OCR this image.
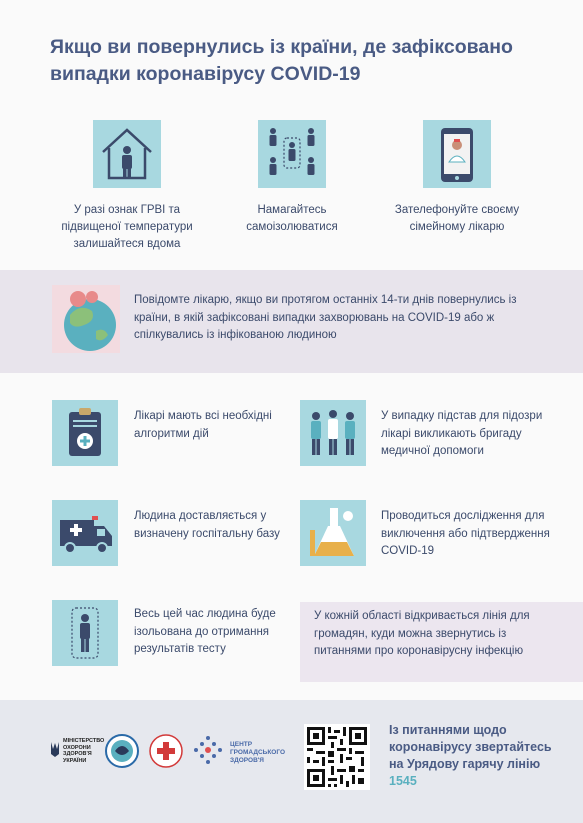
Якщо ви повернулись із країни, де зафіксовано випадки коронавірусу COVID-19

У разі ознак ГРВІ та підвищеної температури залишайтеся вдома

Намагайтесь самоізолюватися

Зателефонуйте своєму сімейному лікарю

Повідомте лікарю, якщо ви протягом останніх 14-ти днів повернулись із країни, в якій зафіксовані випадки захворювань на COVID-19 або ж спілкувались із інфікованою людиною

Лікарі мають всі необхідні алгоритми дій

У випадку підстав для підозри лікарі викликають бригаду медичної допомоги

Людина доставляється у визначену госпітальну базу

Проводиться дослідження для виключення або підтвердження COVID-19

Весь цей час людина буде ізольована до отримання результатів тесту

У кожній області відкривається лінія для громадян, куди можна звернутись із питаннями про коронавірусну інфекцію

МІНІСТЕРСТВО ОХОРОНИ ЗДОРОВ'Я УКРАЇНИ
ЦЕНТР ГРОМАДСЬКОГО ЗДОРОВ'Я
Із питаннями щодо коронавірусу звертайтесь на Урядову гарячу лінію
1545
